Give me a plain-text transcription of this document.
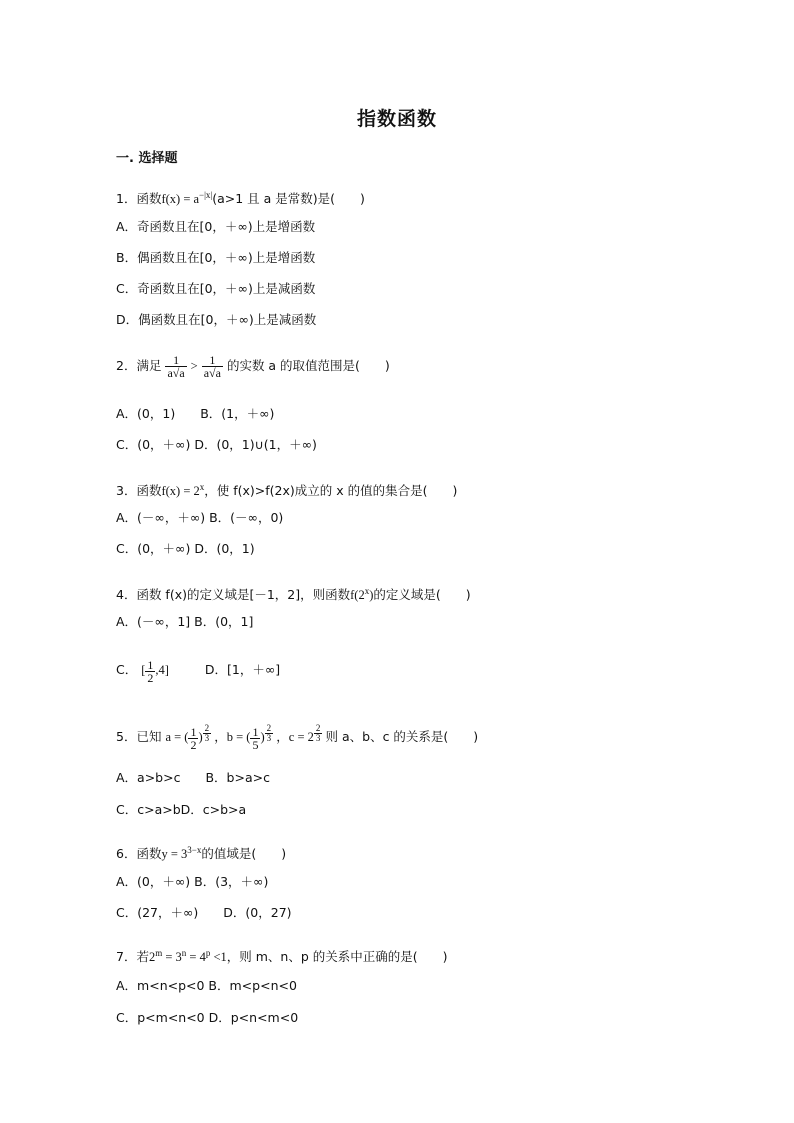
指数函数
一. 选择题
1．函数$f(x) = a^{-|x|}(a>1$ 且 a 是常数)是(　　)
A．奇函数且在[0，＋∞)上是增函数
B．偶函数且在[0，＋∞)上是增函数
C．奇函数且在[0，＋∞)上是减函数
D．偶函数且在[0，＋∞)上是减函数
2．满足 $\frac{1}{a√a} > \frac{1}{a√a}$ 的实数 a 的取值范围是(　　)
A．(0，1)　　B．(1，＋∞)
C．(0，＋∞) D．(0，1)∪(1，＋∞)
3．函数$f(x) = 2^x$，使 f(x)>f(2x)成立的 x 的值的集合是(　　)
A．(－∞，＋∞) B．(－∞，0)
C．(0，＋∞) D．(0，1)
4．函数 f(x)的定义域是[－1，2]，则函数f(2$^x$)的定义域是(　　)
A．(－∞，1] B．(0，1]
C． [ $\frac{1}{2} ,4$]	D．[1，＋∞]
5．已知 a = ( $\frac{1}{2}$ ) $^{\frac{2}{3}}$ ，b = ( $\frac{1}{5}$ ) $^{\frac{2}{3}}$ ，c = 2 $^{\frac{2}{3}}$ 则 a、b、c 的关系是(　　)
A．a>b>c　　B．b>a>c
C．c>a>bD．c>b>a
6．函数$y = 3^{3-x}$的值域是(　　)
A．(0，＋∞) B．(3，＋∞)
C．(27，＋∞)　　D．(0，27)
7．若$2^m = 3^n = 4^p <1$，则 m、n、p 的关系中正确的是(　　)
A．m<n<p<0 B．m<p<n<0
C．p<m<n<0 D．p<n<m<0
